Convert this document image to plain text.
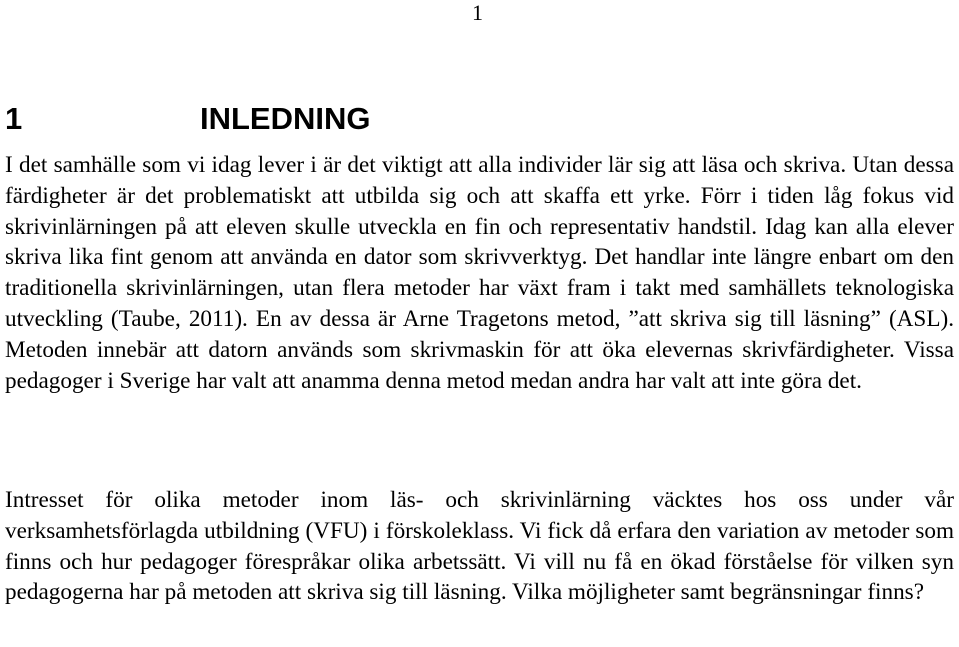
1
1	INLEDNING

I det samhälle som vi idag lever i är det viktigt att alla individer lär sig att läsa och skriva. Utan dessa färdigheter är det problematiskt att utbilda sig och att skaffa ett yrke. Förr i tiden låg fokus vid skrivinlärningen på att eleven skulle utveckla en fin och representativ handstil. Idag kan alla elever skriva lika fint genom att använda en dator som skrivverktyg. Det handlar inte längre enbart om den traditionella skrivinlärningen, utan flera metoder har växt fram i takt med samhällets teknologiska utveckling (Taube, 2011). En av dessa är Arne Tragetons metod, ”att skriva sig till läsning” (ASL). Metoden innebär att datorn används som skrivmaskin för att öka elevernas skrivfärdigheter. Vissa pedagoger i Sverige har valt att anamma denna metod medan andra har valt att inte göra det.

Intresset för olika metoder inom läs- och skrivinlärning väcktes hos oss under vår verksamhetsförlagda utbildning (VFU) i förskoleklass. Vi fick då erfara den variation av metoder som finns och hur pedagoger förespråkar olika arbetssätt. Vi vill nu få en ökad förståelse för vilken syn pedagogerna har på metoden att skriva sig till läsning. Vilka möjligheter samt begränsningar finns?
